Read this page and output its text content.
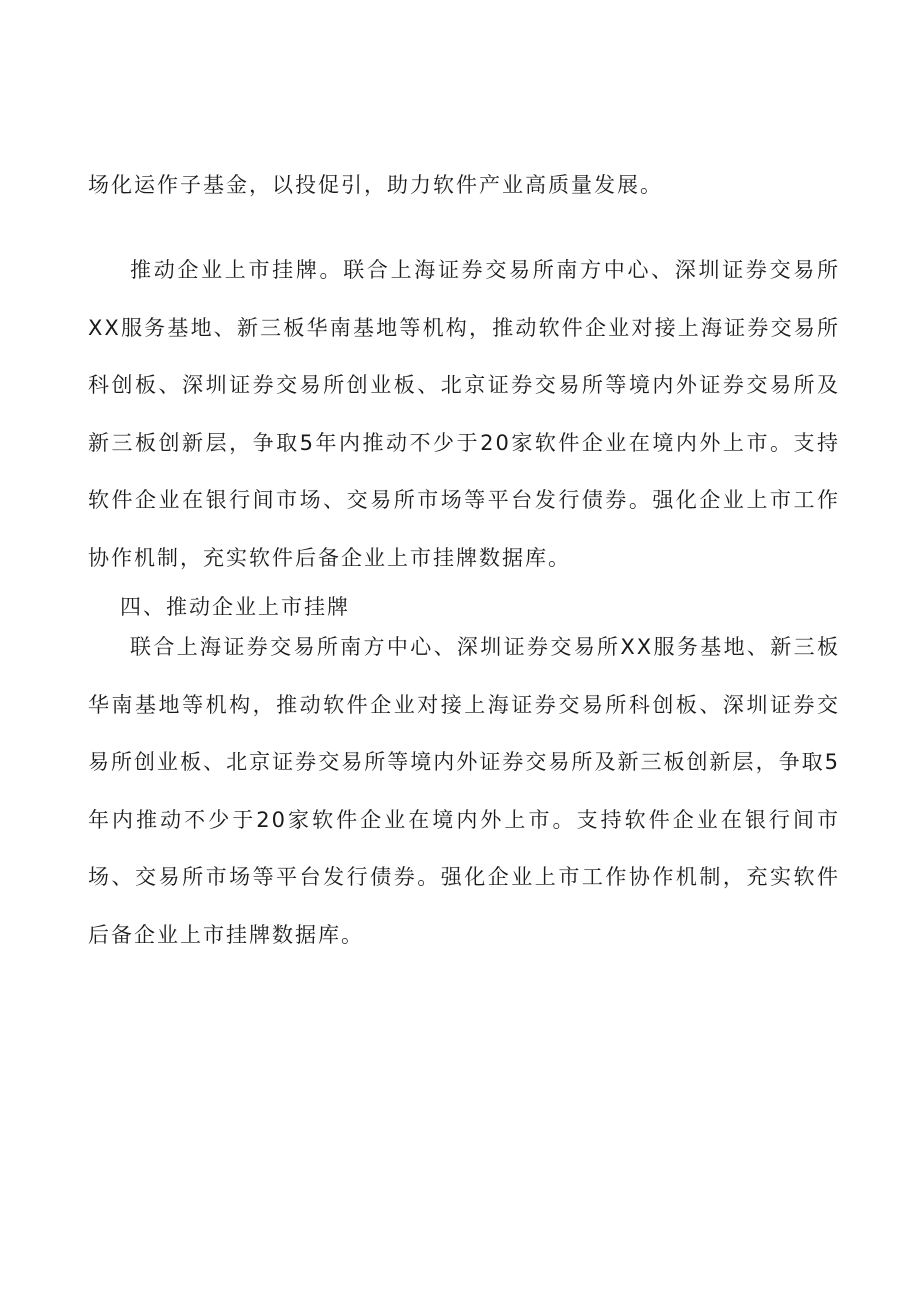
场化运作子基金，以投促引，助力软件产业高质量发展。

推动企业上市挂牌。联合上海证券交易所南方中心、深圳证券交易所XX服务基地、新三板华南基地等机构，推动软件企业对接上海证券交易所科创板、深圳证券交易所创业板、北京证券交易所等境内外证券交易所及新三板创新层，争取5年内推动不少于20家软件企业在境内外上市。支持软件企业在银行间市场、交易所市场等平台发行债券。强化企业上市工作协作机制，充实软件后备企业上市挂牌数据库。

四、推动企业上市挂牌

联合上海证券交易所南方中心、深圳证券交易所XX服务基地、新三板华南基地等机构，推动软件企业对接上海证券交易所科创板、深圳证券交易所创业板、北京证券交易所等境内外证券交易所及新三板创新层，争取5年内推动不少于20家软件企业在境内外上市。支持软件企业在银行间市场、交易所市场等平台发行债券。强化企业上市工作协作机制，充实软件后备企业上市挂牌数据库。
